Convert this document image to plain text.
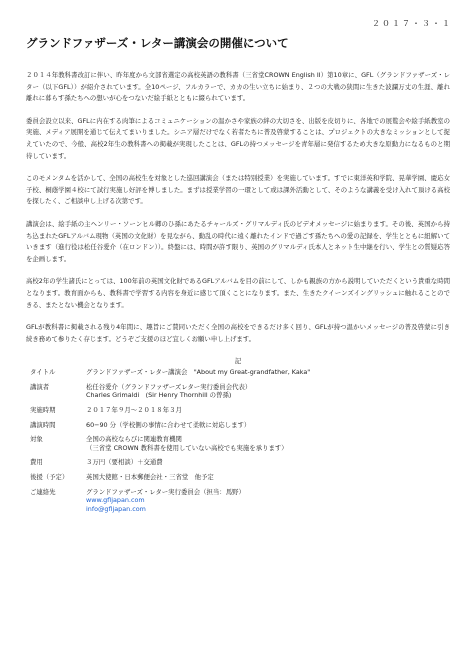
２０１７・３・１
グランドファザーズ・レター講演会の開催について

２０１４年教科書改訂に伴い、昨年度から文部省選定の高校英語の教科書（三省堂CROWN English II）第10章に、GFL（グランドファザーズ・レター（以下GFL））が紹介されています。全10ページ、フルカラーで、カカの生い立ちに始まり、２つの大戦の狭間に生きた波瀾万丈の生涯、離れ離れに暮らす孫たちへの想いが心をつないだ絵手紙とともに綴られています。

委員会設立以来、GFLに内在する肉筆によるコミュニケーションの温かさや家族の絆の大切さを、出版を皮切りに、各地での展覧会や絵手紙教室の実施、メディア展開を通じて伝えてまいりました。シニア層だけでなく若者たちに普及啓蒙することは、プロジェクトの大きなミッションとして捉えていたので、今般、高校2年生の教科書への掲載が実現したことは、GFLの持つメッセージを青年層に発信するため大きな原動力になるものと期待しています。

このモメンタムを活かして、全国の高校生を対象とした巡回講演会（または特別授業）を実施しています。すでに東洋英和学院、晃華学園、慶応女子校、桐蔭学園４校にて試行実施し好評を博しました。まずは授業学習の一環として或は課外活動として、そのような講義を受け入れて頂ける高校を探したく、ご相談申し上げる次第です。

講演会は、絵手紙の主ヘンリー・ソーンヒル卿のひ孫にあたるチャールズ・グリマルディ氏のビデオメッセージに始まります。その後、英国から持ち込まれたGFLアルバム現物（英国の文化財）を見ながら、動乱の時代に遠く離れたインドで過ごす孫たちへの愛の記録を、学生とともに紐解いていきます（進行役は松任谷愛介（在ロンドン））。終盤には、時間が許す限り、英国のグリマルディ氏本人とネット生中継を行い、学生との質疑応答を企画します。

高校2年の学生諸氏にとっては、100年前の英国文化財であるGFLアルバムを目の前にして、しかも親族の方から説明していただくという貴重な時間となります。教育面からも、教科書で学習する内容を身近に感じて頂くことになります。また、生きたクイーンズイングリッシュに触れることのできる、またとない機会となります。

GFLが教科書に掲載される残り4年間に、趣旨にご賛同いただく全国の高校をできるだけ多く回り、GFLが持つ温かいメッセージの普及啓蒙に引き続き務めて参りたく存じます。どうぞご支援のほど宜しくお願い申し上げます。

記
タイトル	グランドファザーズ・レター講演会　"About my Great-grandfather, Kaka"
講演者	松任谷愛介（グランドファザーズレター実行委員会代表）
Charles Grimaldi　(Sir Henry Thornhill の曽孫)
実施時期	２０１７年９月〜２０１８年３月
講演時間	60−90 分（学校側の事情に合わせて柔軟に対応します）
対象	全国の高校ならびに関連教育機関
（三省堂 CROWN 教科書を使用していない高校でも実施を承ります）
費用	３万円（要相談）＋交通費
後援（予定）	英国大使館・日本郵便会社・三省堂　他予定
ご連絡先	グランドファザーズ・レター実行委員会（担当：馬野）
www.gfljapan.com
info@gfljapan.com
